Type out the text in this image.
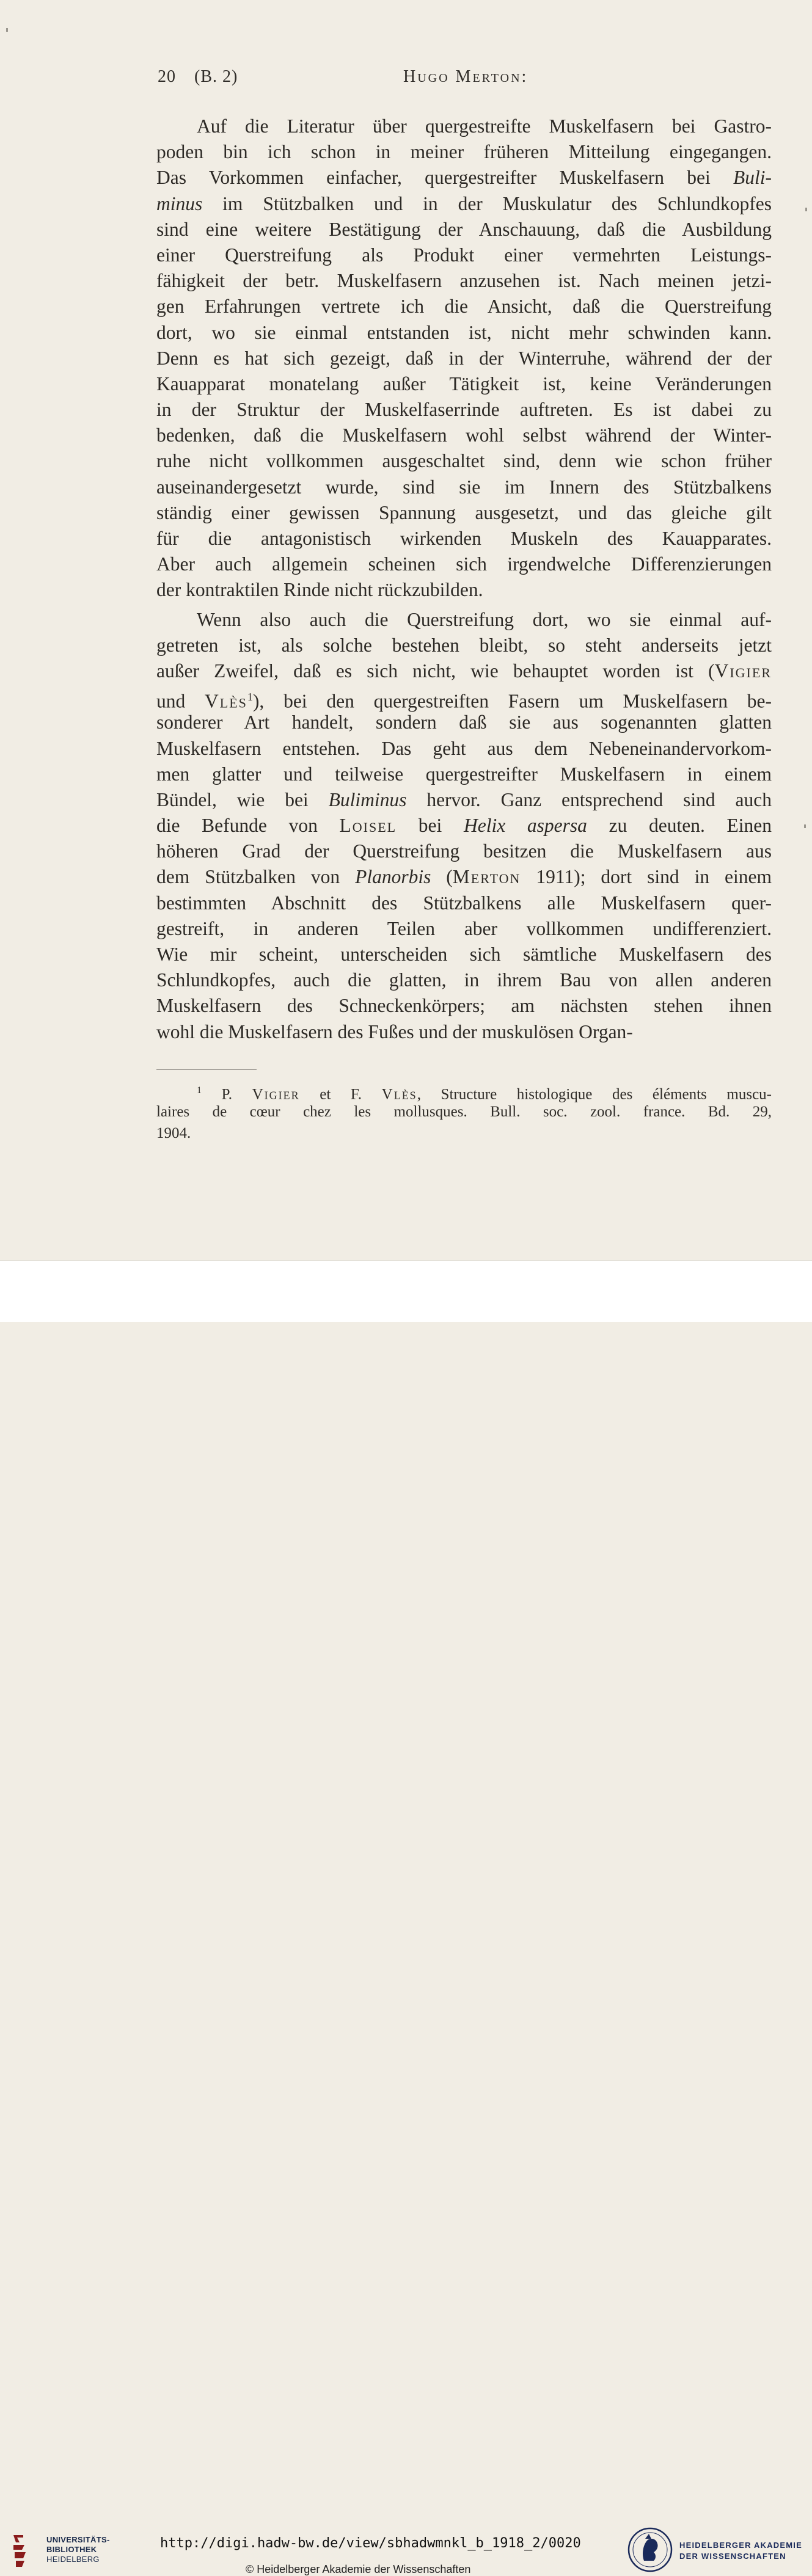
20 (B. 2)	Hugo Merton:
Auf die Literatur über quergestreifte Muskelfasern bei Gastro-
poden bin ich schon in meiner früheren Mitteilung eingegangen.
Das Vorkommen einfacher, quergestreifter Muskelfasern bei Buli-
minus im Stützbalken und in der Muskulatur des Schlundkopfes
sind eine weitere Bestätigung der Anschauung, daß die Ausbildung
einer Querstreifung als Produkt einer vermehrten Leistungs-
fähigkeit der betr. Muskelfasern anzusehen ist. Nach meinen jetzi-
gen Erfahrungen vertrete ich die Ansicht, daß die Querstreifung
dort, wo sie einmal entstanden ist, nicht mehr schwinden kann.
Denn es hat sich gezeigt, daß in der Winterruhe, während der der
Kauapparat monatelang außer Tätigkeit ist, keine Veränderungen
in der Struktur der Muskelfaserrinde auftreten. Es ist dabei zu
bedenken, daß die Muskelfasern wohl selbst während der Winter-
ruhe nicht vollkommen ausgeschaltet sind, denn wie schon früher
auseinandergesetzt wurde, sind sie im Innern des Stützbalkens
ständig einer gewissen Spannung ausgesetzt, und das gleiche gilt
für die antagonistisch wirkenden Muskeln des Kauapparates.
Aber auch allgemein scheinen sich irgendwelche Differenzierungen
der kontraktilen Rinde nicht rückzubilden.
Wenn also auch die Querstreifung dort, wo sie einmal auf-
getreten ist, als solche bestehen bleibt, so steht anderseits jetzt
außer Zweifel, daß es sich nicht, wie behauptet worden ist (Vigier
und Vlès$^1$), bei den quergestreiften Fasern um Muskelfasern be-
sonderer Art handelt, sondern daß sie aus sogenannten glatten
Muskelfasern entstehen. Das geht aus dem Nebeneinandervorkom-
men glatter und teilweise quergestreifter Muskelfasern in einem
Bündel, wie bei Buliminus hervor. Ganz entsprechend sind auch
die Befunde von Loisel bei Helix aspersa zu deuten. Einen
höheren Grad der Querstreifung besitzen die Muskelfasern aus
dem Stützbalken von Planorbis (Merton 1911); dort sind in einem
bestimmten Abschnitt des Stützbalkens alle Muskelfasern quer-
gestreift, in anderen Teilen aber vollkommen undifferenziert.
Wie mir scheint, unterscheiden sich sämtliche Muskelfasern des
Schlundkopfes, auch die glatten, in ihrem Bau von allen anderen
Muskelfasern des Schneckenkörpers; am nächsten stehen ihnen
wohl die Muskelfasern des Fußes und der muskulösen Organ-
$^1$ P. Vigier et F. Vlès, Structure histologique des éléments muscu-
laires de cœur chez les mollusques. Bull. soc. zool. france. Bd. 29,
1904.
UNIVERSITÄTS-
BIBLIOTHEK
HEIDELBERG
http://digi.hadw-bw.de/view/sbhadwmnkl_b_1918_2/0020
© Heidelberger Akademie der Wissenschaften
HEIDELBERGER AKADEMIE
DER WISSENSCHAFTEN
